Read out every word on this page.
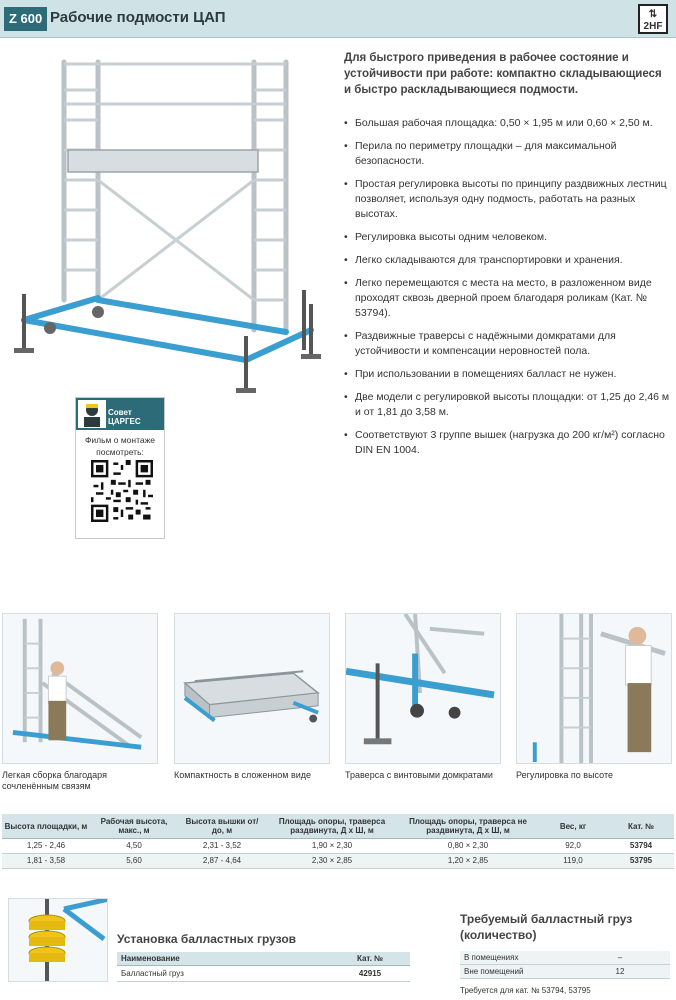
Z 600 Рабочие подмости ЦАП	⇅
2HF
Для быстрого приведения в рабочее состояние и устойчивости при работе: компактно складывающиеся и быстро раскладывающиеся подмости.
• Большая рабочая площадка: 0,50 × 1,95 м или 0,60 × 2,50 м.
• Перила по периметру площадки – для максимальной безопасности.
• Простая регулировка высоты по принципу раздвижных лестниц позволяет, используя одну подмость, работать на разных высотах.
• Регулировка высоты одним человеком.
• Легко складываются для транспортировки и хранения.
• Легко перемещаются с места на место, в разложенном виде проходят сквозь дверной проем благодаря роликам (Кат. № 53794).
• Раздвижные траверсы с надёжными домкратами для устойчивости и компенсации неровностей пола.
• При использовании в помещениях балласт не нужен.
• Две модели с регулировкой высоты площадки: от 1,25 до 2,46 м и от 1,81 до 3,58 м.
• Соответствуют 3 группе вышек (нагрузка до 200 кг/м²) согласно DIN EN 1004.
Совет ЦАРГЕС
Фильм о монтаже посмотреть:
Легкая сборка благодаря сочленённым связям
Компактность в сложенном виде	Траверса с винтовыми домкратами	Регулировка по высоте
Высота площадки, м	Рабочая высота, макс., м	Высота вышки от/до, м	Площадь опоры, траверса раздвинута, Д х Ш, м	Площадь опоры, траверса не раздвинута, Д х Ш, м	Вес, кг	Кат. №
1,25 - 2,46	4,50	2,31 - 3,52	1,90 × 2,30	0,80 × 2,30	92,0	53794
1,81 - 3,58	5,60	2,87 - 4,64	2,30 × 2,85	1,20 × 2,85	119,0	53795
Установка балластных грузов
Наименование	Кат. №
Балластный груз	42915
Требуемый балластный груз (количество)
В помещениях	–
Вне помещений	12
Требуется для кат. № 53794, 53795
